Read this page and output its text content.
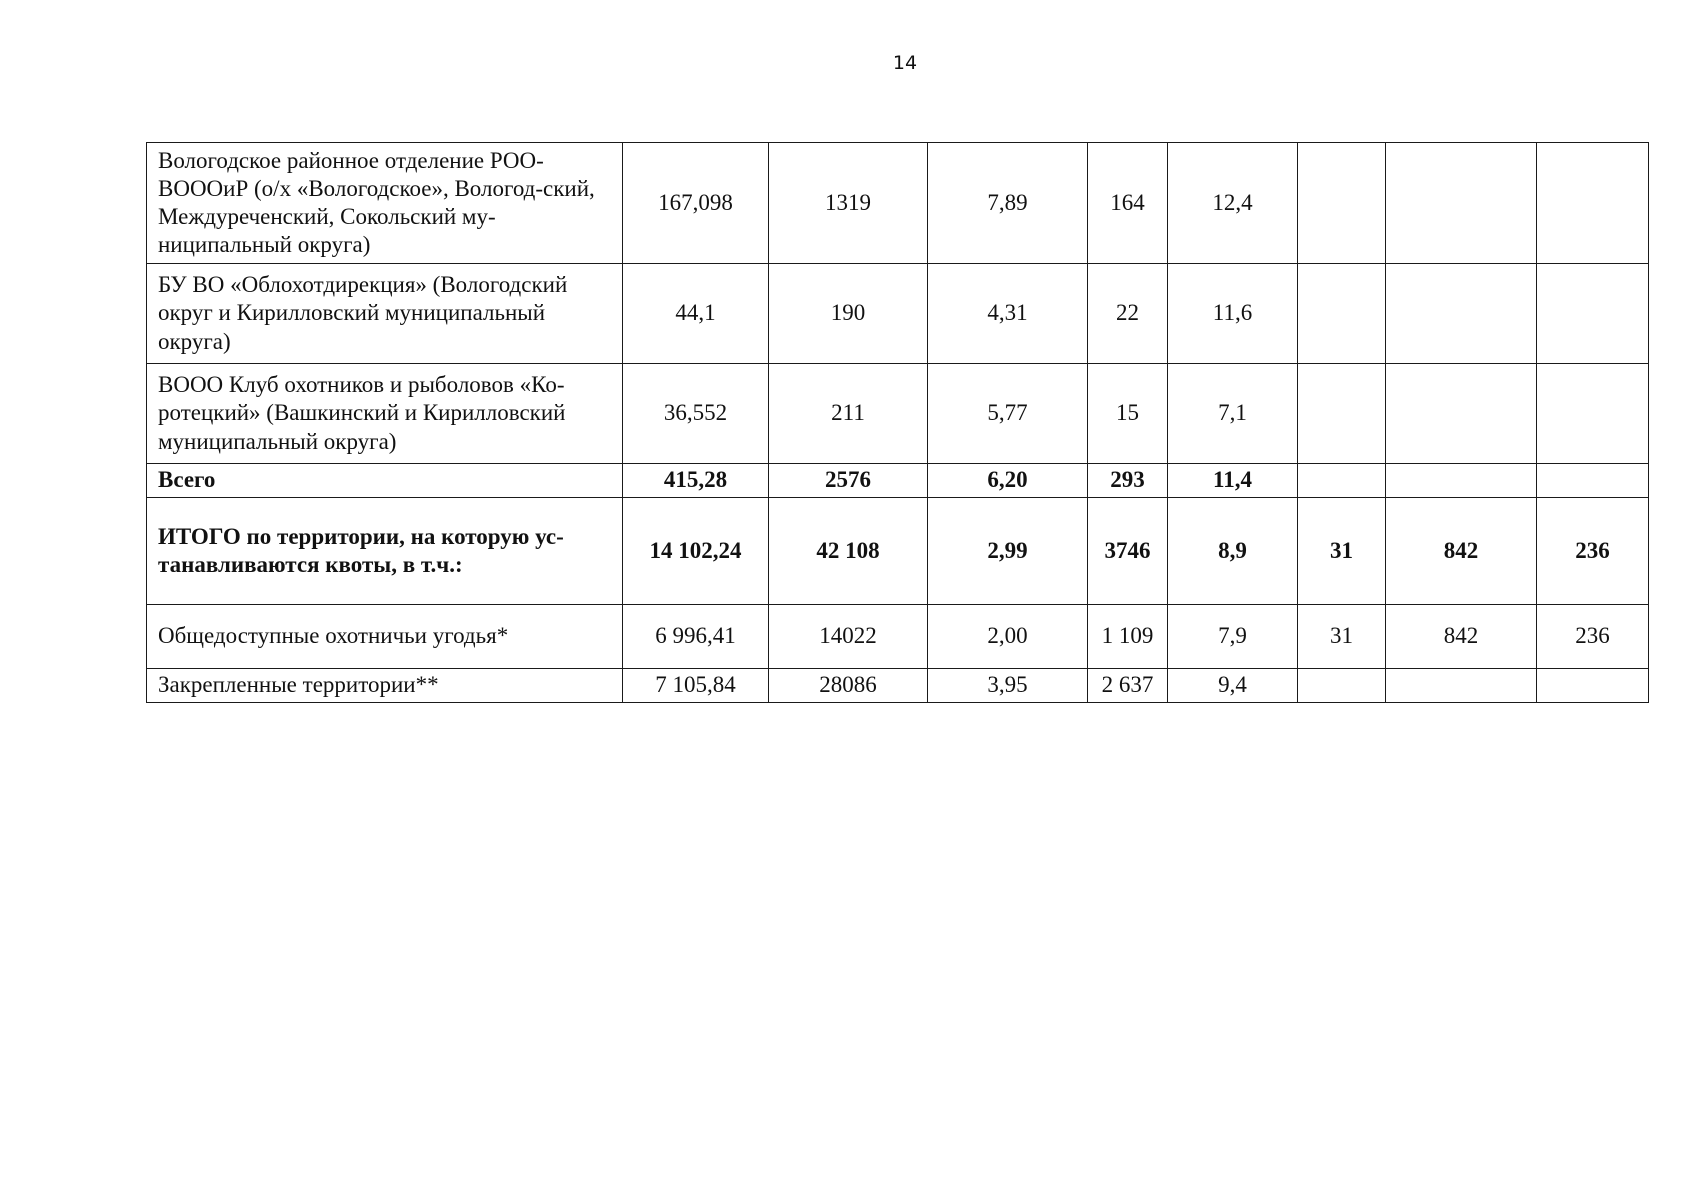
14
Вологодское районное отделение РОО-ВОООиР (о/х «Вологодское», Вологод-ский, Междуреченский, Сокольский му-ниципальный округа)	167,098	1319	7,89	164	12,4			
БУ ВО «Облохотдирекция» (Вологодский округ и Кирилловский муниципальный округа)	44,1	190	4,31	22	11,6			
ВООО Клуб охотников и рыболовов «Ко-ротецкий» (Вашкинский и Кирилловский муниципальный округа)	36,552	211	5,77	15	7,1			
Всего	415,28	2576	6,20	293	11,4			
ИТОГО по территории, на которую ус-танавливаются квоты, в т.ч.:	14 102,24	42 108	2,99	3746	8,9	31	842	236
Общедоступные охотничьи угодья*	6 996,41	14022	2,00	1 109	7,9	31	842	236
Закрепленные территории**	7 105,84	28086	3,95	2 637	9,4			
